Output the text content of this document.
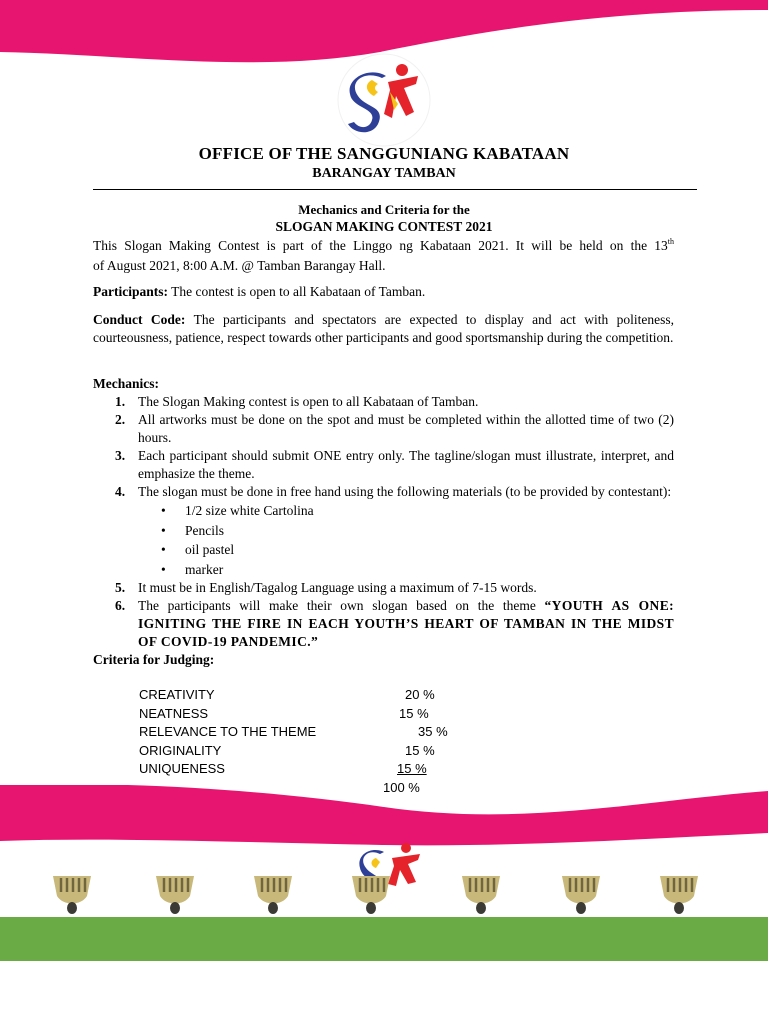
SK
OFFICE OF THE SANGGUNIANG KABATAAN
BARANGAY TAMBAN
Mechanics and Criteria for the
SLOGAN MAKING CONTEST 2021

This Slogan Making Contest is part of the Linggo ng Kabataan 2021. It will be held on the 13th

of August 2021, 8:00 A.M. @ Tamban Barangay Hall.

Participants: The contest is open to all Kabataan of Tamban.

Conduct Code: The participants and spectators are expected to display and act with politeness, courteousness, patience, respect towards other participants and good sportsmanship during the competition.

Mechanics:

1. The Slogan Making contest is open to all Kabataan of Tamban.
2. All artworks must be done on the spot and must be completed within the allotted time of two (2) hours.
3. Each participant should submit ONE entry only. The tagline/slogan must illustrate, interpret, and emphasize the theme.
4. The slogan must be done in free hand using the following materials (to be provided by contestant):
• 1/2 size white Cartolina
• Pencils
• oil pastel
• marker
5. It must be in English/Tagalog Language using a maximum of 7-15 words.
6. The participants will make their own slogan based on the theme “YOUTH AS ONE: IGNITING THE FIRE IN EACH YOUTH’S HEART OF TAMBAN IN THE MIDST OF COVID-19 PANDEMIC.”

Criteria for Judging:

CREATIVITY	20 %
NEATNESS	15 %
RELEVANCE TO THE THEME	35 %
ORIGINALITY	15 %
UNIQUENESS	15 %
100 %
